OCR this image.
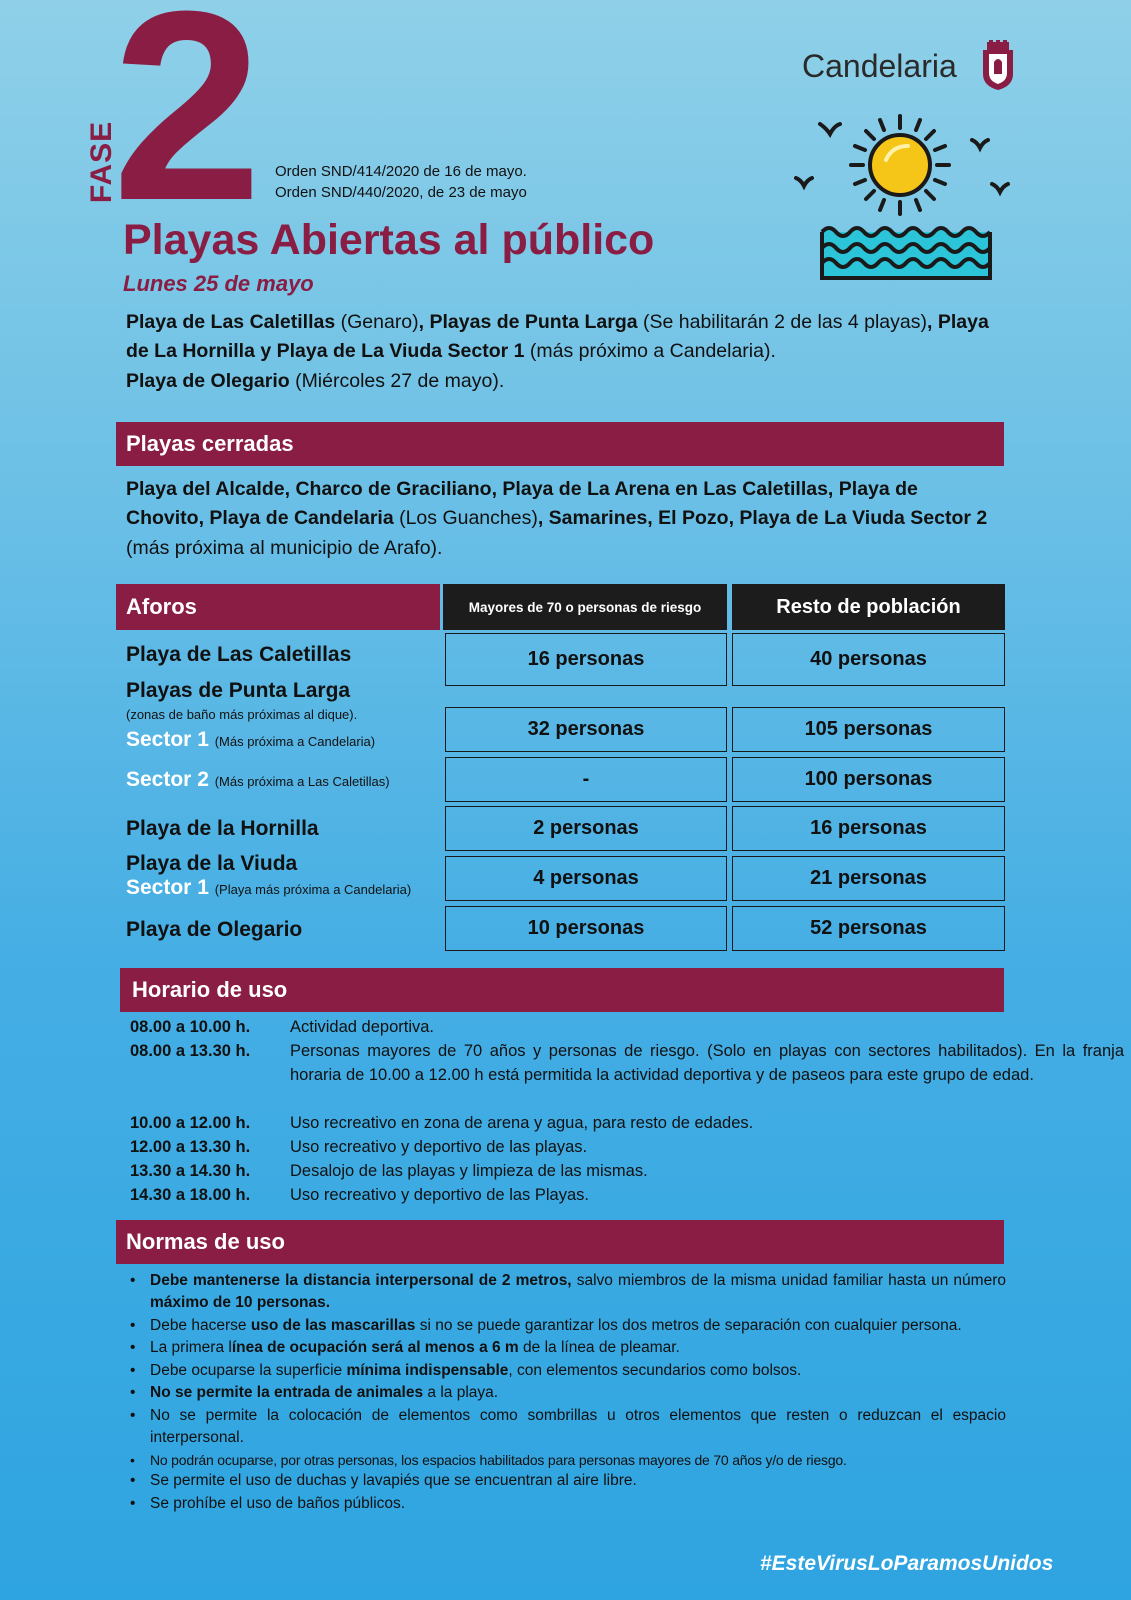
FASE
2 Orden SND/414/2020 de 16 de mayo.
Orden SND/440/2020, de 23 de mayo
Playas Abiertas al público
Lunes 25 de mayo
Candelaria
Playa de Las Caletillas (Genaro), Playas de Punta Larga (Se habilitarán 2 de las 4 playas), Playa de La Hornilla y Playa de La Viuda Sector 1 (más próximo a Candelaria).
Playa de Olegario (Miércoles 27 de mayo).
Playas cerradas
Playa del Alcalde, Charco de Graciliano, Playa de La Arena en Las Caletillas, Playa de Chovito, Playa de Candelaria (Los Guanches), Samarines, El Pozo, Playa de La Viuda Sector 2 (más próxima al municipio de Arafo).
Aforos	Mayores de 70 o personas de riesgo	Resto de población
Playa de Las Caletillas	16 personas	40 personas
Playas de Punta Larga
(zonas de baño más próximas al dique).
Sector 1 (Más próxima a Candelaria)
32 personas	105 personas
Sector 2 (Más próxima a Las Caletillas)	-	100 personas
Playa de la Hornilla	2 personas	16 personas
Playa de la Viuda
Sector 1 (Playa más próxima a Candelaria)
4 personas	21 personas
Playa de Olegario	10 personas	52 personas
Horario de uso
08.00 a 10.00 h.	Actividad deportiva.
08.00 a 13.30 h.	Personas mayores de 70 años y personas de riesgo. (Solo en playas con sectores habilitados). En la franja horaria de 10.00 a 12.00 h está permitida la actividad deportiva y de paseos para este grupo de edad.
10.00 a 12.00 h.	Uso recreativo en zona de arena y agua, para resto de edades.
12.00 a 13.30 h.	Uso recreativo y deportivo de las playas.
13.30 a 14.30 h.	Desalojo de las playas y limpieza de las mismas.
14.30 a 18.00 h.	Uso recreativo y deportivo de las Playas.
Normas de uso

• Debe mantenerse la distancia interpersonal de 2 metros, salvo miembros de la misma unidad familiar hasta un número máximo de 10 personas.

• Debe hacerse uso de las mascarillas si no se puede garantizar los dos metros de separación con cualquier persona.

• La primera línea de ocupación será al menos a 6 m de la línea de pleamar.

• Debe ocuparse la superficie mínima indispensable, con elementos secundarios como bolsos.

• No se permite la entrada de animales a la playa.

• No se permite la colocación de elementos como sombrillas u otros elementos que resten o reduzcan el espacio interpersonal.

• No podrán ocuparse, por otras personas, los espacios habilitados para personas mayores de 70 años y/o de riesgo.

• Se permite el uso de duchas y lavapiés que se encuentran al aire libre.

• Se prohíbe el uso de baños públicos.

#EsteVirusLoParamosUnidos
